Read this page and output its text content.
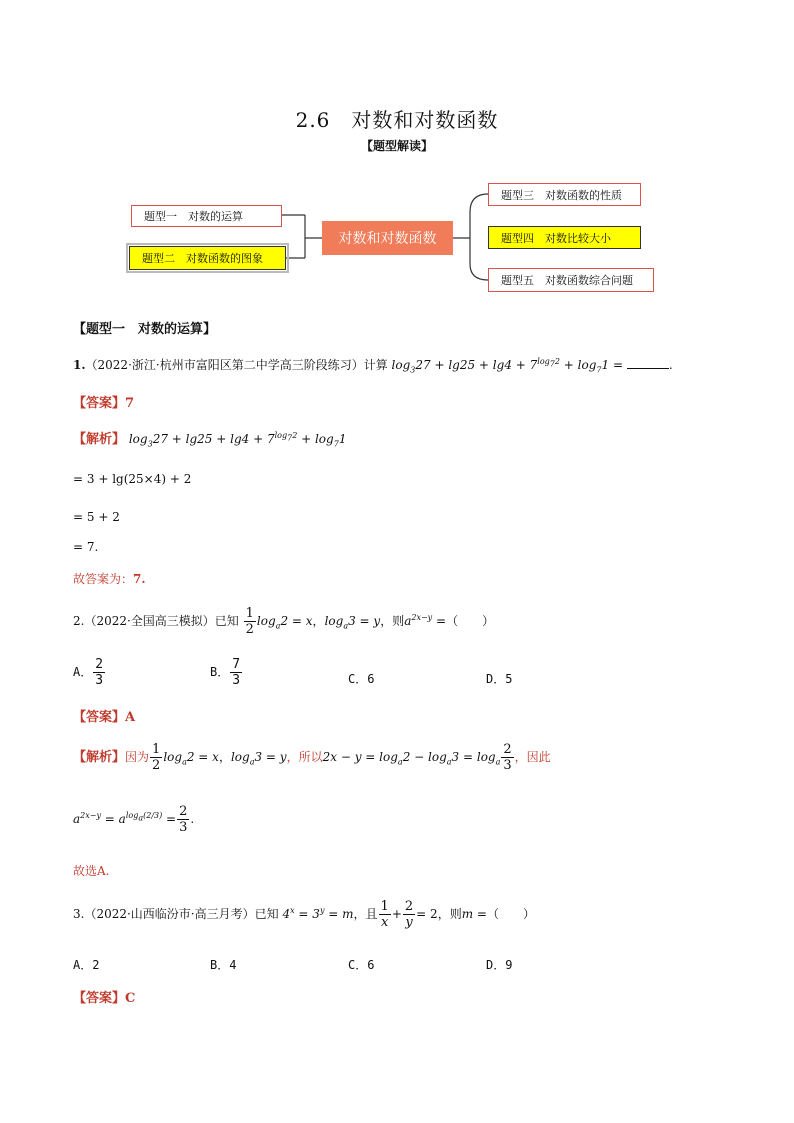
2.6　对数和对数函数
【题型解读】
题型一　对数的运算
题型二　对数函数的图象
对数和对数函数
题型三　对数函数的性质
题型四　对数比较大小
题型五　对数函数综合问题
【题型一　对数的运算】
1.（2022·浙江·杭州市富阳区第二中学高三阶段练习）计算 $\log_327 + \lg 25 + \lg 4 + 7^{log_72} + \log_71$ =	.
【答案】7
【解析】 $\log_327 + \lg 25 + \lg 4 + 7^{log_72} + \log_71$
= 3 + lg(25×4) + 2
= 5 + 2
= 7.
故答案为：7.
2.（2022·全国高三模拟）已知 $\frac{1}{2} \log_a2 = x$，$\log_a3 = y$，则$a^{2x-y}$ =（　　）
A． $\frac{2}{3}$	B． $\frac{7}{3}$	C．6	D．5
【答案】A
【解析】因为 $\frac{1}{2} \log_a2 = x$，$\log_a3 = y$，所以$2x - y = \log_a2 - \log_a3 = \log_a \frac{2}{3}$ ，因此
$a^{2x-y} = a^{log_a(2/3)} = \frac{2}{3}$ .
故选A.
3.（2022·山西临汾市·高三月考）已知 $4^x = 3^y = m$，且 $\frac{1}{x} + \frac{2}{y} = 2$，则m =（　　）
A．2	B．4	C．6	D．9
【答案】C
